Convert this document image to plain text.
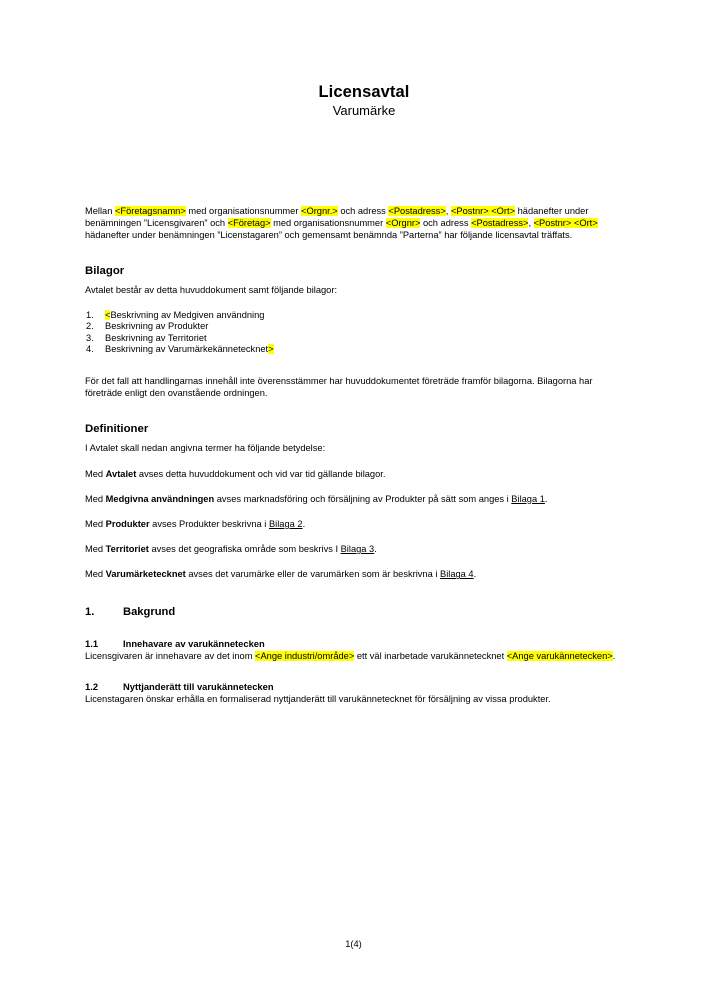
Licensavtal
Varumärke

Mellan <Företagsnamn> med organisationsnummer <Orgnr.> och adress <Postadress>, <Postnr> <Ort> hädanefter under benämningen ”Licensgivaren” och <Företag> med organisationsnummer <Orgnr> och adress <Postadress>, <Postnr> <Ort> hädanefter under benämningen ”Licenstagaren” och gemensamt benämnda ”Parterna” har följande licensavtal träffats.

Bilagor

Avtalet består av detta huvuddokument samt följande bilagor:

1. <Beskrivning av Medgiven användning
2. Beskrivning av Produkter
3. Beskrivning av Territoriet
4. Beskrivning av Varumärkekännetecknet>

För det fall att handlingarnas innehåll inte överensstämmer har huvuddokumentet företräde framför bilagorna. Bilagorna har företräde enligt den ovanstående ordningen.

Definitioner

I Avtalet skall nedan angivna termer ha följande betydelse:

Med Avtalet avses detta huvuddokument och vid var tid gällande bilagor.

Med Medgivna användningen avses marknadsföring och försäljning av Produkter på sätt som anges i Bilaga 1.

Med Produkter avses Produkter beskrivna i Bilaga 2.

Med Territoriet avses det geografiska område som beskrivs I Bilaga 3.

Med Varumärketecknet avses det varumärke eller de varumärken som är beskrivna i Bilaga 4.

1.	Bakgrund
1.1	Innehavare av varukännetecken

Licensgivaren är innehavare av det inom <Ange industri/område> ett väl inarbetade varukännetecknet <Ange varukännetecken>.

1.2	Nyttjanderätt till varukännetecken

Licenstagaren önskar erhålla en formaliserad nyttjanderätt till varukännetecknet för försäljning av vissa produkter.

1(4)
